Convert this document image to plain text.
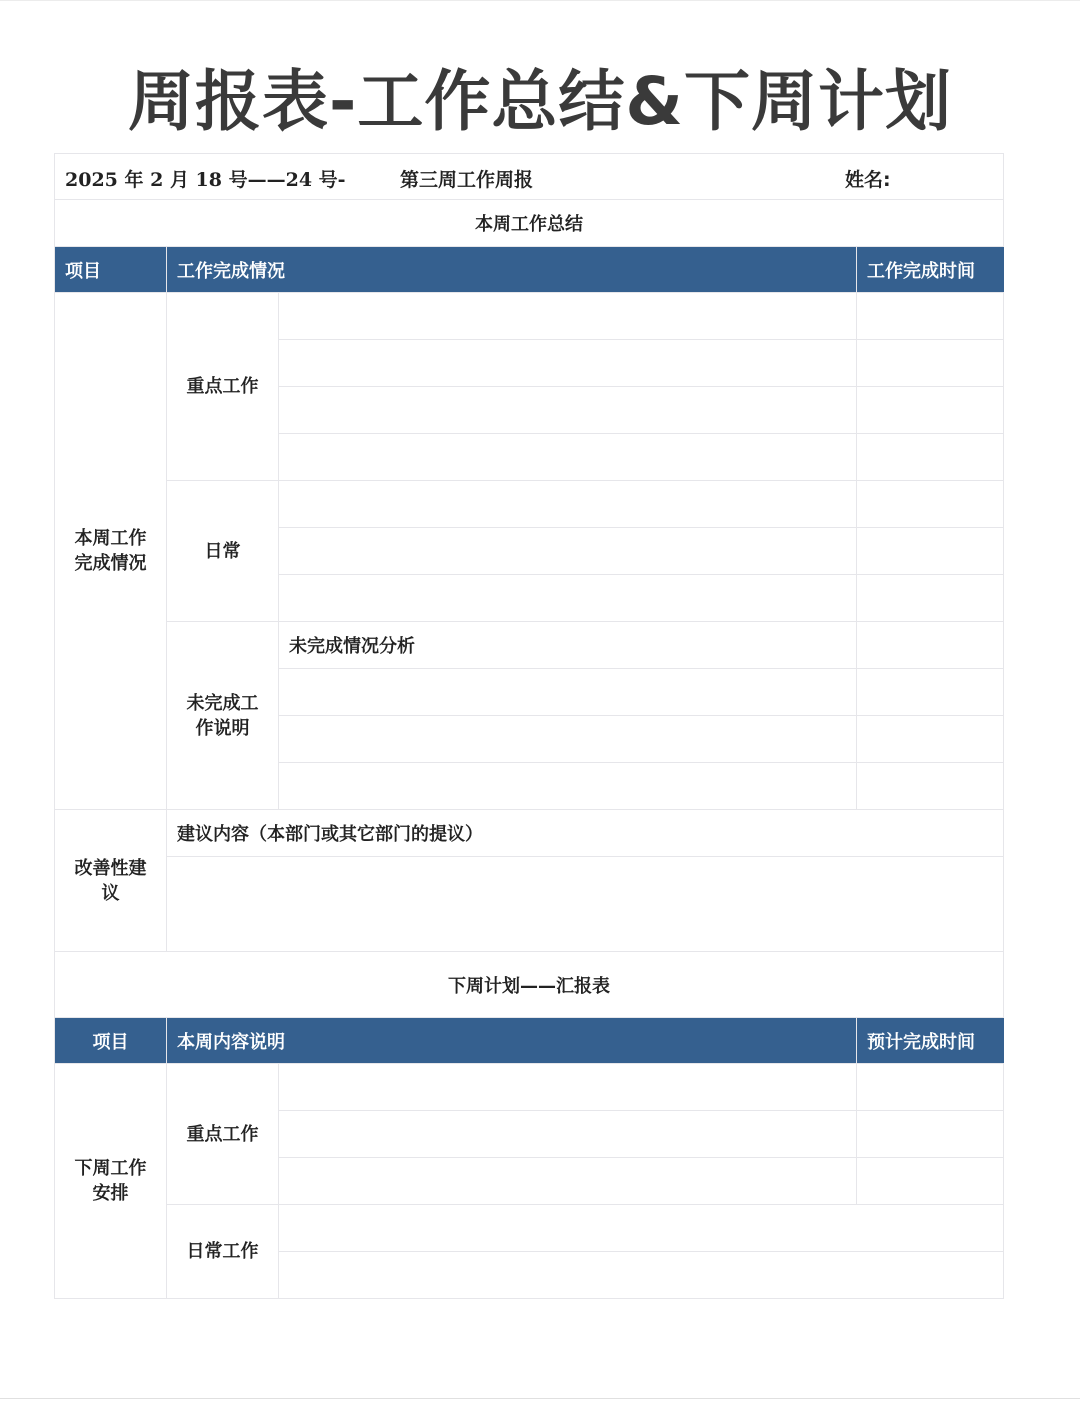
周报表-工作总结&下周计划
2025 年 2 月 18 号——24 号- 第三周工作周报 姓名:			

本周工作总结			
项目	工作完成情况		工作完成时间

本周工作完成情况	重点工作		

	日常		

	未完成工作说明	未完成情况分析	

改善性建议	建议内容（本部门或其它部门的提议）		

下周计划——汇报表			
项目	本周内容说明		预计完成时间

下周工作安排	重点工作		

	日常工作		
